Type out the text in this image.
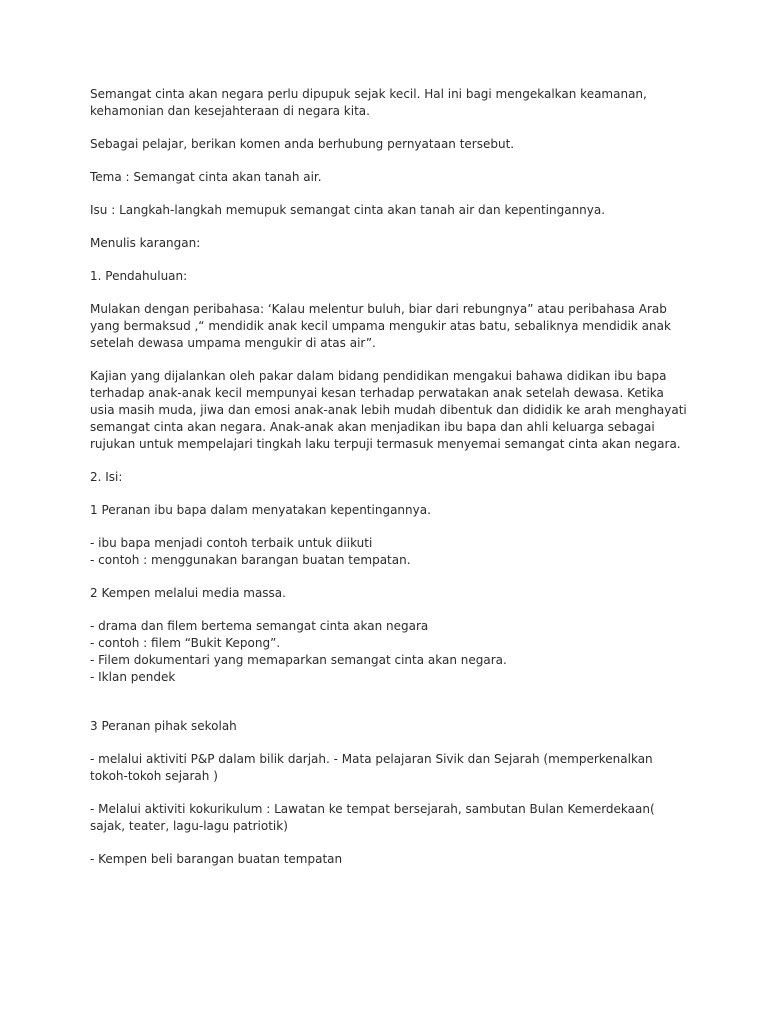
Semangat cinta akan negara perlu dipupuk sejak kecil. Hal ini bagi mengekalkan keamanan, kehamonian dan kesejahteraan di negara kita.

Sebagai pelajar, berikan komen anda berhubung pernyataan tersebut.

Tema : Semangat cinta akan tanah air.

Isu : Langkah-langkah memupuk semangat cinta akan tanah air dan kepentingannya.

Menulis karangan:

1. Pendahuluan:

Mulakan dengan peribahasa: ‘Kalau melentur buluh, biar dari rebungnya” atau peribahasa Arab yang bermaksud ,“ mendidik anak kecil umpama mengukir atas batu, sebaliknya mendidik anak setelah dewasa umpama mengukir di atas air”.

Kajian yang dijalankan oleh pakar dalam bidang pendidikan mengakui bahawa didikan ibu bapa terhadap anak-anak kecil mempunyai kesan terhadap perwatakan anak setelah dewasa. Ketika usia masih muda, jiwa dan emosi anak-anak lebih mudah dibentuk dan dididik ke arah menghayati semangat cinta akan negara. Anak-anak akan menjadikan ibu bapa dan ahli keluarga sebagai rujukan untuk mempelajari tingkah laku terpuji termasuk menyemai semangat cinta akan negara.

2. Isi:

1 Peranan ibu bapa dalam menyatakan kepentingannya.

- ibu bapa menjadi contoh terbaik untuk diikuti
- contoh : menggunakan barangan buatan tempatan.

2 Kempen melalui media massa.

- drama dan filem bertema semangat cinta akan negara
- contoh : filem “Bukit Kepong”.
- Filem dokumentari yang memaparkan semangat cinta akan negara.
- Iklan pendek

3 Peranan pihak sekolah

- melalui aktiviti P&P dalam bilik darjah. - Mata pelajaran Sivik dan Sejarah (memperkenalkan tokoh-tokoh sejarah )

- Melalui aktiviti kokurikulum : Lawatan ke tempat bersejarah, sambutan Bulan Kemerdekaan( sajak, teater, lagu-lagu patriotik)

- Kempen beli barangan buatan tempatan
